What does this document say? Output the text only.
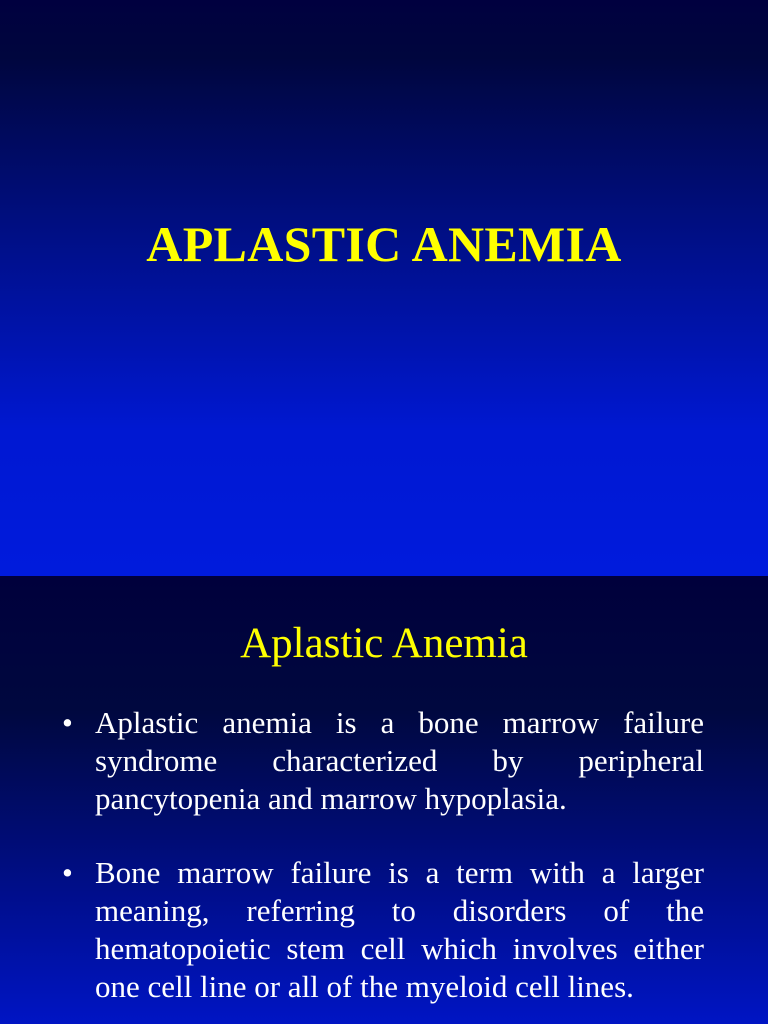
APLASTIC ANEMIA
Aplastic Anemia
• Aplastic anemia is a bone marrow failure syndrome characterized by peripheral pancytopenia and marrow hypoplasia.
• Bone marrow failure is a term with a larger meaning, referring to disorders of the hematopoietic stem cell which involves either one cell line or all of the myeloid cell lines.
